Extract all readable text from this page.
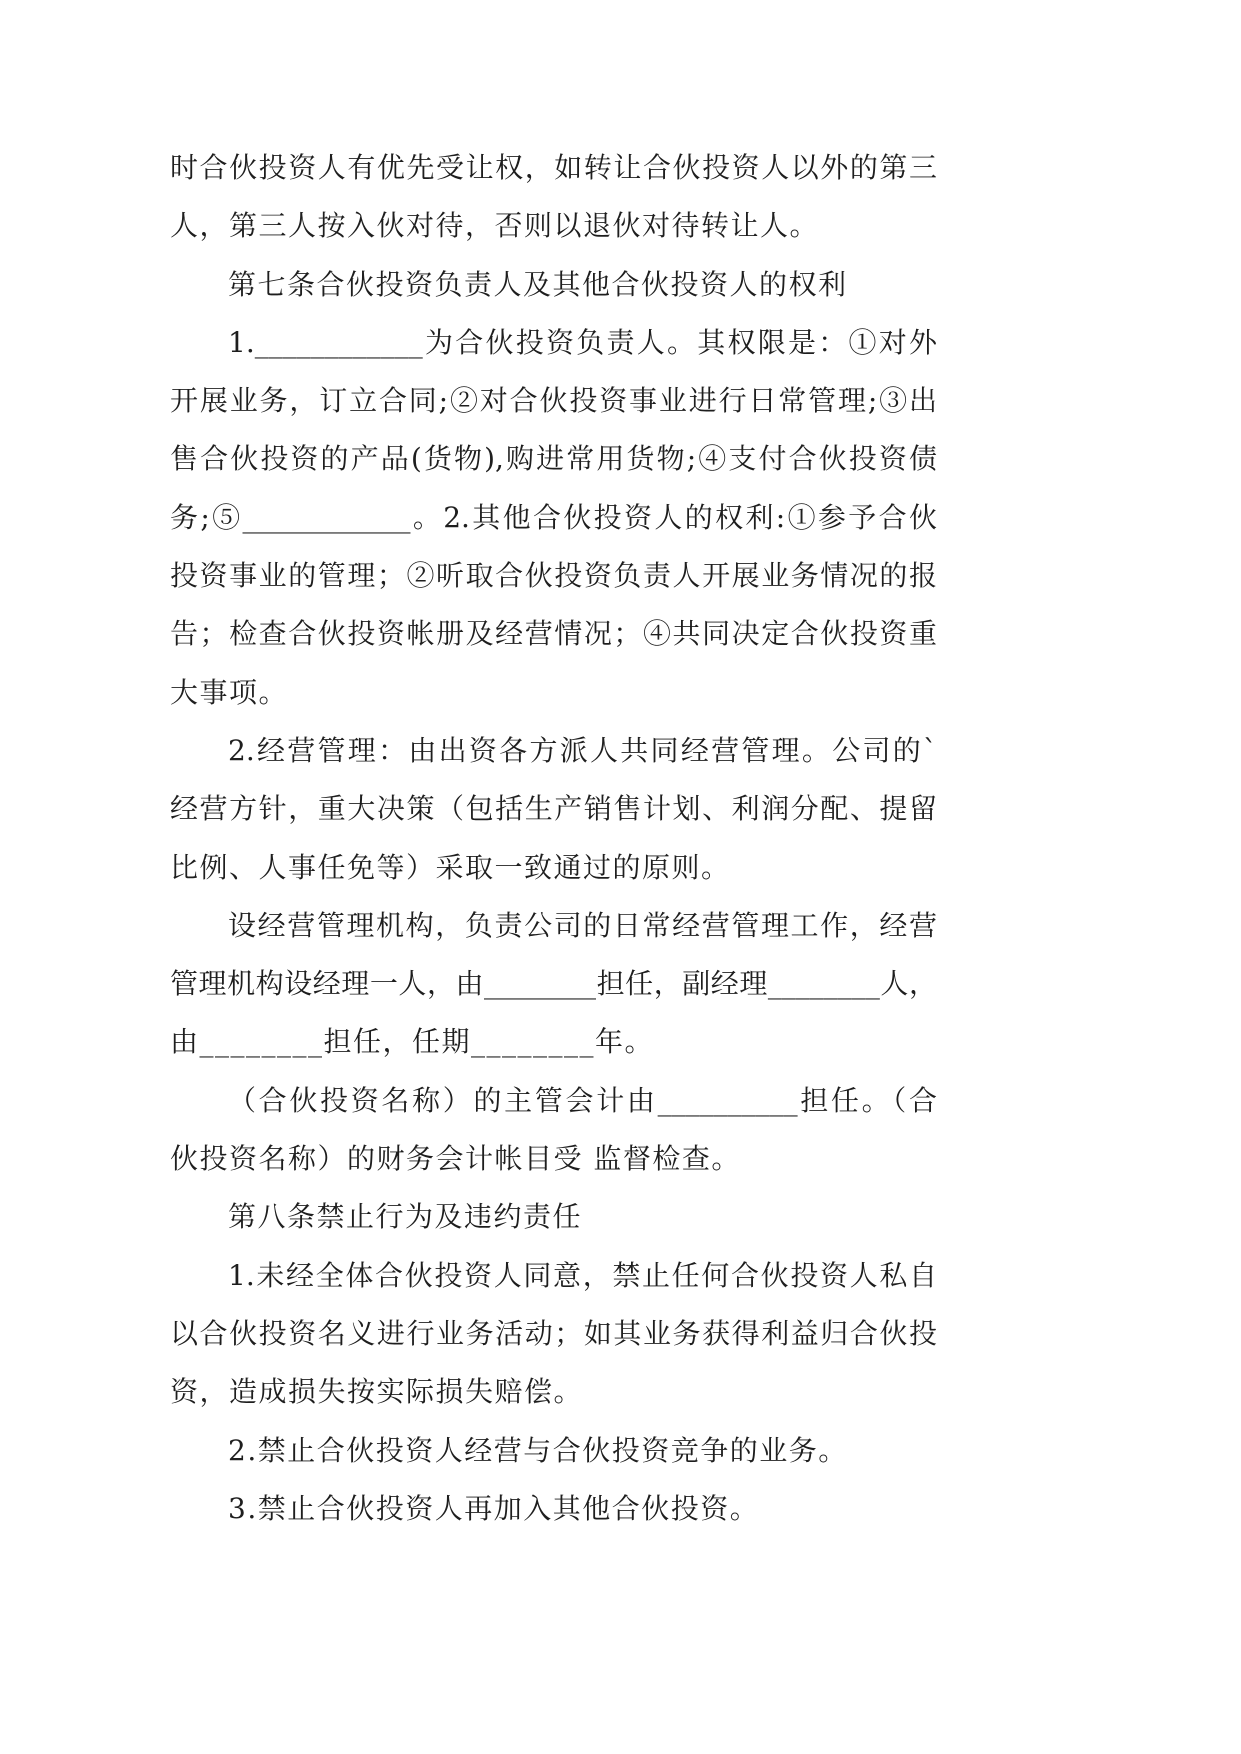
时合伙投资人有优先受让权，如转让合伙投资人以外的第三
人，第三人按入伙对待，否则以退伙对待转让人。
第七条合伙投资负责人及其他合伙投资人的权利
1.____________为合伙投资负责人。其权限是：①对外
开展业务，订立合同;②对合伙投资事业进行日常管理;③出
售合伙投资的产品(货物),购进常用货物;④支付合伙投资债
务;⑤____________。2.其他合伙投资人的权利:①参予合伙
投资事业的管理；②听取合伙投资负责人开展业务情况的报
告；检查合伙投资帐册及经营情况；④共同决定合伙投资重
大事项。
2.经营管理：由出资各方派人共同经营管理。公司的`
经营方针，重大决策（包括生产销售计划、利润分配、提留
比例、人事任免等）采取一致通过的原则。
设经营管理机构，负责公司的日常经营管理工作，经营
管理机构设经理一人，由________担任，副经理________人，
由________担任，任期________年。
（合伙投资名称）的主管会计由__________担任。（合
伙投资名称）的财务会计帐目受 监督检查。
第八条禁止行为及违约责任
1.未经全体合伙投资人同意，禁止任何合伙投资人私自
以合伙投资名义进行业务活动；如其业务获得利益归合伙投
资，造成损失按实际损失赔偿。
2.禁止合伙投资人经营与合伙投资竞争的业务。
3.禁止合伙投资人再加入其他合伙投资。
